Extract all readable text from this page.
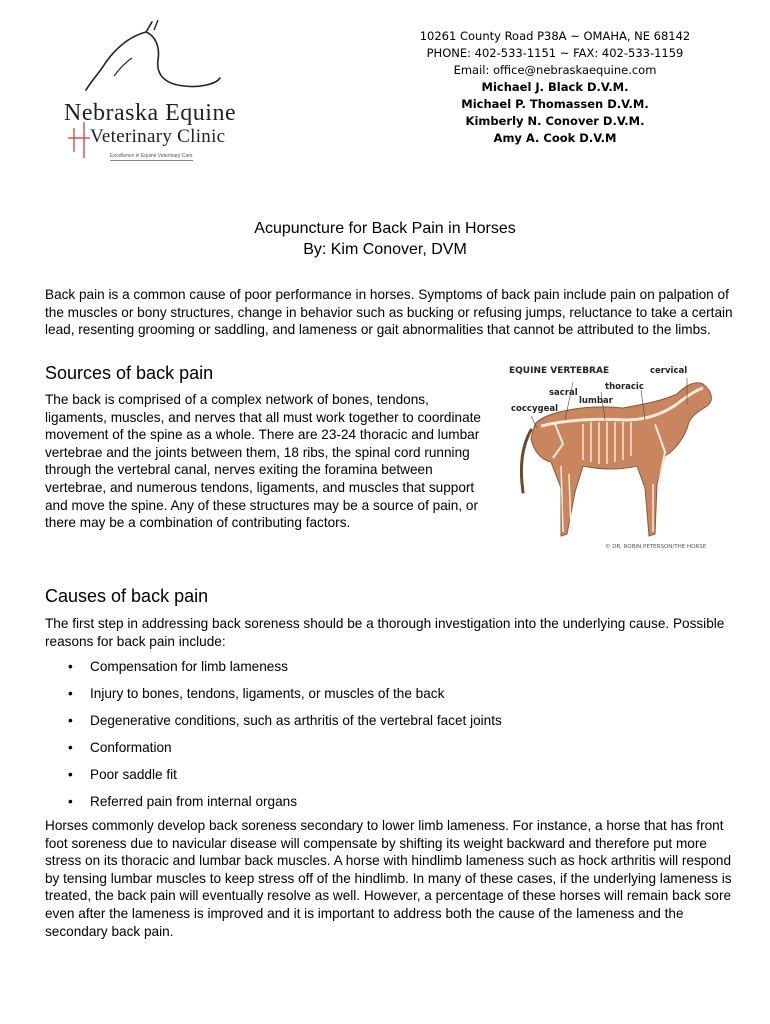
Nebraska Equine
Veterinary Clinic
Excellence in Equine Veterinary Care
10261 County Road P38A ~ OMAHA, NE 68142
PHONE: 402-533-1151 ~ FAX: 402-533-1159
Email: office@nebraskaequine.com
Michael J. Black D.V.M.
Michael P. Thomassen D.V.M.
Kimberly N. Conover D.V.M.
Amy A. Cook D.V.M
Acupuncture for Back Pain in Horses
By: Kim Conover, DVM

Back pain is a common cause of poor performance in horses. Symptoms of back pain include pain on palpation of the muscles or bony structures, change in behavior such as bucking or refusing jumps, reluctance to take a certain lead, resenting grooming or saddling, and lameness or gait abnormalities that cannot be attributed to the limbs.

Sources of back pain

The back is comprised of a complex network of bones, tendons, ligaments, muscles, and nerves that all must work together to coordinate movement of the spine as a whole. There are 23-24 thoracic and lumbar vertebrae and the joints between them, 18 ribs, the spinal cord running through the vertebral canal, nerves exiting the foramina between vertebrae, and numerous tendons, ligaments, and muscles that support and move the spine. Any of these structures may be a source of pain, or there may be a combination of contributing factors.

EQUINE VERTEBRAE	cervical
thoracic
sacral
lumbar
coccygeal
© DR. ROBIN PETERSON/THE HORSE
Causes of back pain

The first step in addressing back soreness should be a thorough investigation into the underlying cause. Possible reasons for back pain include:

• Compensation for limb lameness
• Injury to bones, tendons, ligaments, or muscles of the back
• Degenerative conditions, such as arthritis of the vertebral facet joints
• Conformation
• Poor saddle fit
• Referred pain from internal organs

Horses commonly develop back soreness secondary to lower limb lameness. For instance, a horse that has front foot soreness due to navicular disease will compensate by shifting its weight backward and therefore put more stress on its thoracic and lumbar back muscles. A horse with hindlimb lameness such as hock arthritis will respond by tensing lumbar muscles to keep stress off of the hindlimb. In many of these cases, if the underlying lameness is treated, the back pain will eventually resolve as well. However, a percentage of these horses will remain back sore even after the lameness is improved and it is important to address both the cause of the lameness and the secondary back pain.
